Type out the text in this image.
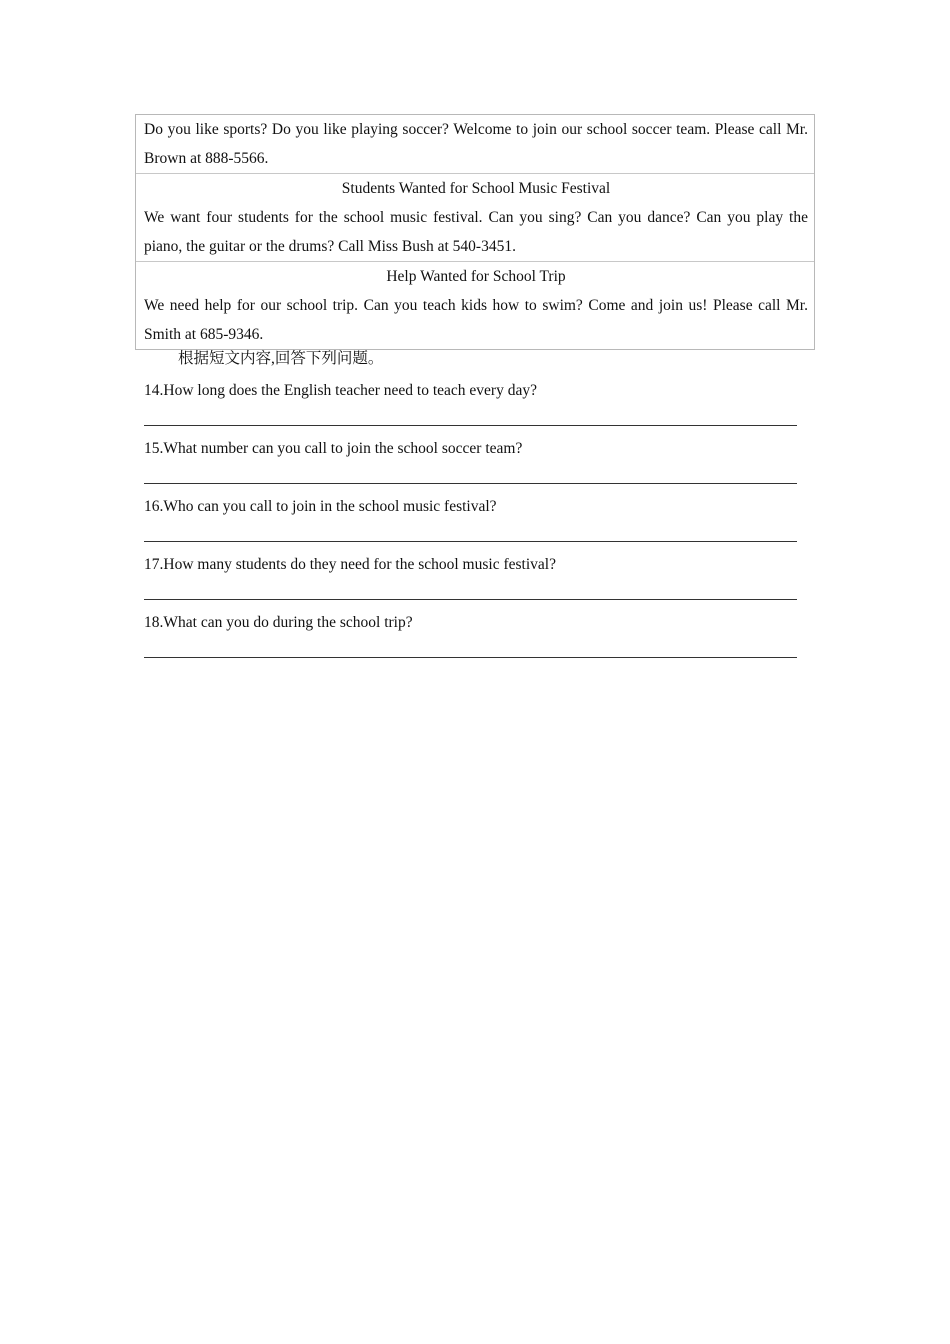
Do you like sports? Do you like playing soccer? Welcome to join our school soccer team. Please call Mr. Brown at 888-5566.
Students Wanted for School Music Festival
We want four students for the school music festival. Can you sing? Can you dance? Can you play the piano, the guitar or the drums? Call Miss Bush at 540-3451.
Help Wanted for School Trip
We need help for our school trip. Can you teach kids how to swim? Come and join us! Please call Mr. Smith at 685-9346.
根据短文内容,回答下列问题。
14.How long does the English teacher need to teach every day?
15.What number can you call to join the school soccer team?
16.Who can you call to join in the school music festival?
17.How many students do they need for the school music festival?
18.What can you do during the school trip?
